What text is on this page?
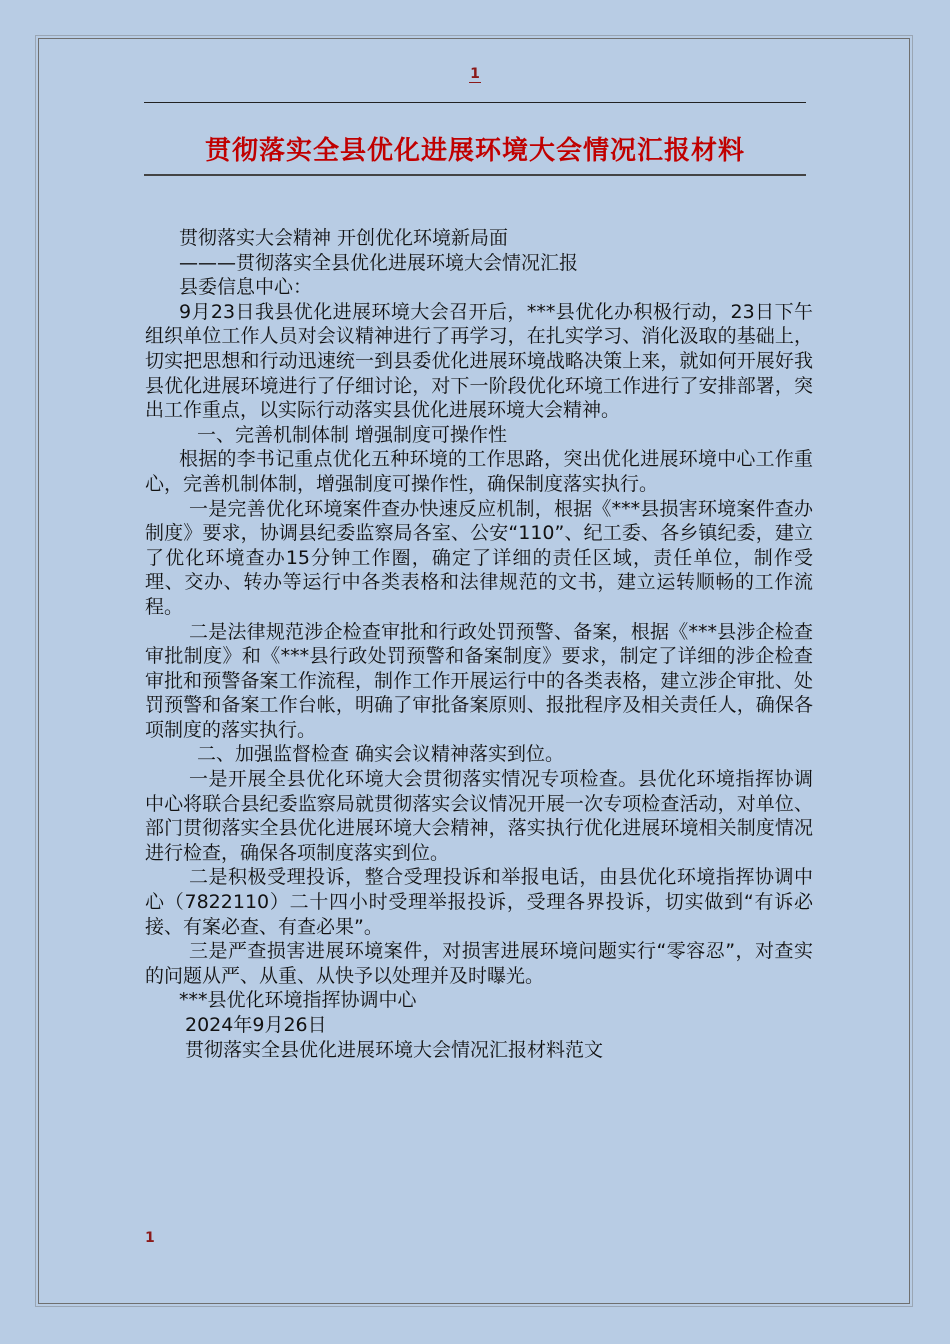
1
贯彻落实全县优化进展环境大会情况汇报材料

贯彻落实大会精神 开创优化环境新局面

———贯彻落实全县优化进展环境大会情况汇报

县委信息中心：

9月23日我县优化进展环境大会召开后，***县优化办积极行动，23日下午组织单位工作人员对会议精神进行了再学习，在扎实学习、消化汲取的基础上，切实把思想和行动迅速统一到县委优化进展环境战略决策上来，就如何开展好我县优化进展环境进行了仔细讨论，对下一阶段优化环境工作进行了安排部署，突出工作重点，以实际行动落实县优化进展环境大会精神。

一、完善机制体制 增强制度可操作性

根据的李书记重点优化五种环境的工作思路，突出优化进展环境中心工作重心，完善机制体制，增强制度可操作性，确保制度落实执行。

一是完善优化环境案件查办快速反应机制，根据《***县损害环境案件查办制度》要求，协调县纪委监察局各室、公安“110”、纪工委、各乡镇纪委，建立了优化环境查办15分钟工作圈，确定了详细的责任区域，责任单位，制作受理、交办、转办等运行中各类表格和法律规范的文书，建立运转顺畅的工作流程。

二是法律规范涉企检查审批和行政处罚预警、备案，根据《***县涉企检查审批制度》和《***县行政处罚预警和备案制度》要求，制定了详细的涉企检查审批和预警备案工作流程，制作工作开展运行中的各类表格，建立涉企审批、处罚预警和备案工作台帐，明确了审批备案原则、报批程序及相关责任人，确保各项制度的落实执行。

二、加强监督检查 确实会议精神落实到位。

一是开展全县优化环境大会贯彻落实情况专项检查。县优化环境指挥协调中心将联合县纪委监察局就贯彻落实会议情况开展一次专项检查活动，对单位、部门贯彻落实全县优化进展环境大会精神，落实执行优化进展环境相关制度情况进行检查，确保各项制度落实到位。

二是积极受理投诉，整合受理投诉和举报电话，由县优化环境指挥协调中心（7822110）二十四小时受理举报投诉，受理各界投诉，切实做到“有诉必接、有案必查、有查必果”。

三是严查损害进展环境案件，对损害进展环境问题实行“零容忍”，对查实的问题从严、从重、从快予以处理并及时曝光。

***县优化环境指挥协调中心

2024年9月26日

贯彻落实全县优化进展环境大会情况汇报材料范文

1
